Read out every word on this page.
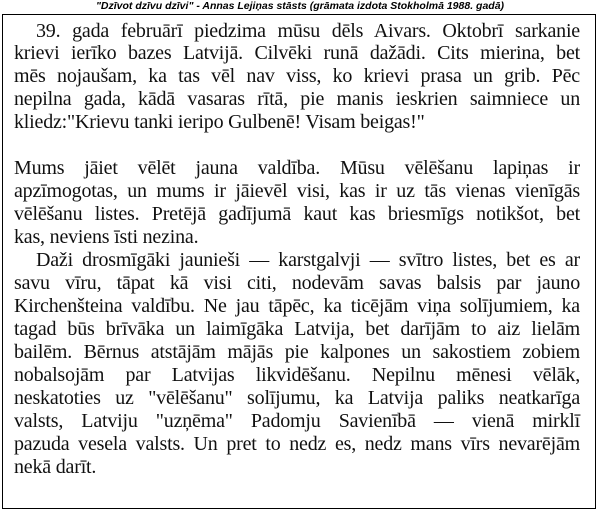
"Dzīvot dzīvu dzīvi" - Annas Lejiņas stāsts (grāmata izdota Stokholmā 1988. gadā)
39. gada februārī piedzima mūsu dēls Aivars. Oktobrī sarkanie
krievi ierīko bazes Latvijā. Cilvēki runā dažādi. Cits mierina, bet
mēs nojaušam, ka tas vēl nav viss, ko krievi prasa un grib. Pēc
nepilna gada, kādā vasaras rītā, pie manis ieskrien saimniece un
kliedz:"Krievu tanki ieripo Gulbenē! Visam beigas!"
Mums jāiet vēlēt jauna valdība. Mūsu vēlēšanu lapiņas ir
apzīmogotas, un mums ir jāievēl visi, kas ir uz tās vienas vienīgās
vēlēšanu listes. Pretējā gadījumā kaut kas briesmīgs notikšot, bet
kas, neviens īsti nezina.
Daži drosmīgāki jaunieši — karstgalvji — svītro listes, bet es ar
savu vīru, tāpat kā visi citi, nodevām savas balsis par jauno
Kirchenšteina valdību. Ne jau tāpēc, ka ticējām viņa solījumiem, ka
tagad būs brīvāka un laimīgāka Latvija, bet darījām to aiz lielām
bailēm. Bērnus atstājām mājās pie kalpones un sakostiem zobiem
nobalsojām par Latvijas likvidēšanu. Nepilnu mēnesi vēlāk,
neskatoties uz "vēlēšanu" solījumu, ka Latvija paliks neatkarīga
valsts, Latviju "uzņēma" Padomju Savienībā — vienā mirklī
pazuda vesela valsts. Un pret to nedz es, nedz mans vīrs nevarējām
nekā darīt.
